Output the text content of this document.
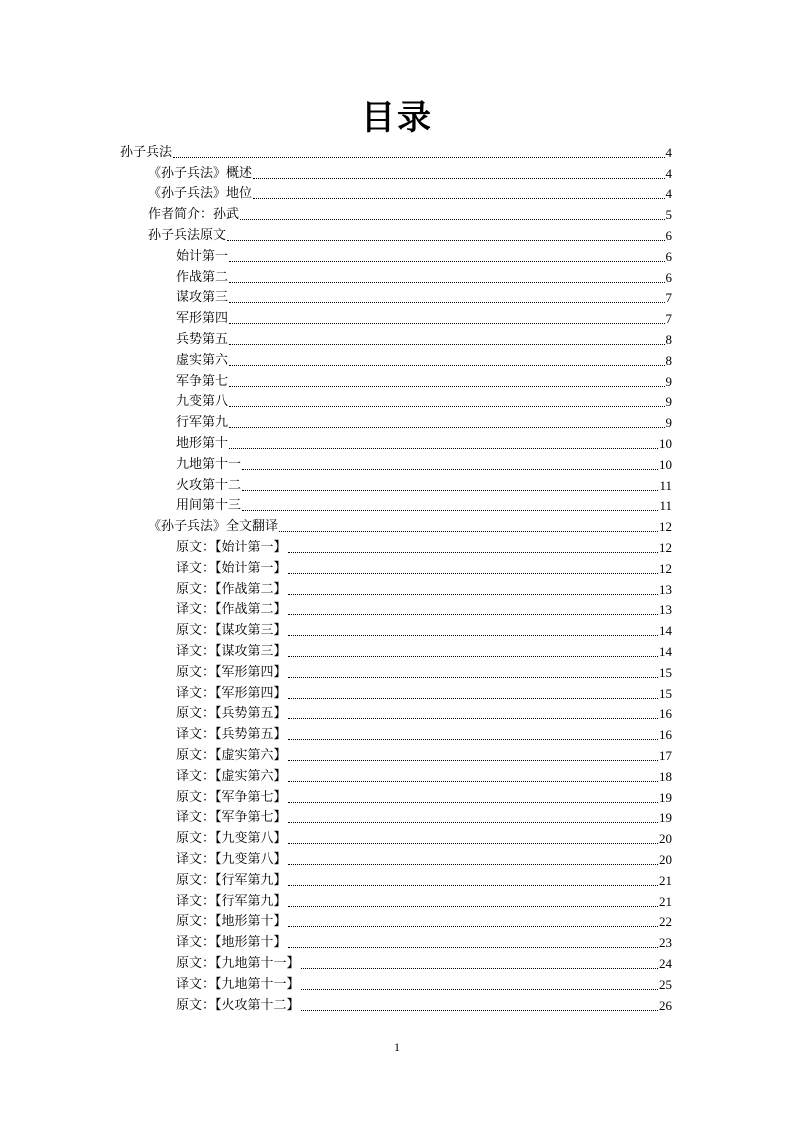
目录
孙子兵法	4
《孙子兵法》概述	4
《孙子兵法》地位	4
作者简介：孙武	5
孙子兵法原文	6
始计第一	6
作战第二	6
谋攻第三	7
军形第四	7
兵势第五	8
虚实第六	8
军争第七	9
九变第八	9
行军第九	9
地形第十	10
九地第十一	10
火攻第十二	11
用间第十三	11
《孙子兵法》全文翻译	12
原文：【始计第一】	12
译文：【始计第一】	12
原文：【作战第二】	13
译文：【作战第二】	13
原文：【谋攻第三】	14
译文：【谋攻第三】	14
原文：【军形第四】	15
译文：【军形第四】	15
原文：【兵势第五】	16
译文：【兵势第五】	16
原文：【虚实第六】	17
译文：【虚实第六】	18
原文：【军争第七】	19
译文：【军争第七】	19
原文：【九变第八】	20
译文：【九变第八】	20
原文：【行军第九】	21
译文：【行军第九】	21
原文：【地形第十】	22
译文：【地形第十】	23
原文：【九地第十一】	24
译文：【九地第十一】	25
原文：【火攻第十二】	26
1
